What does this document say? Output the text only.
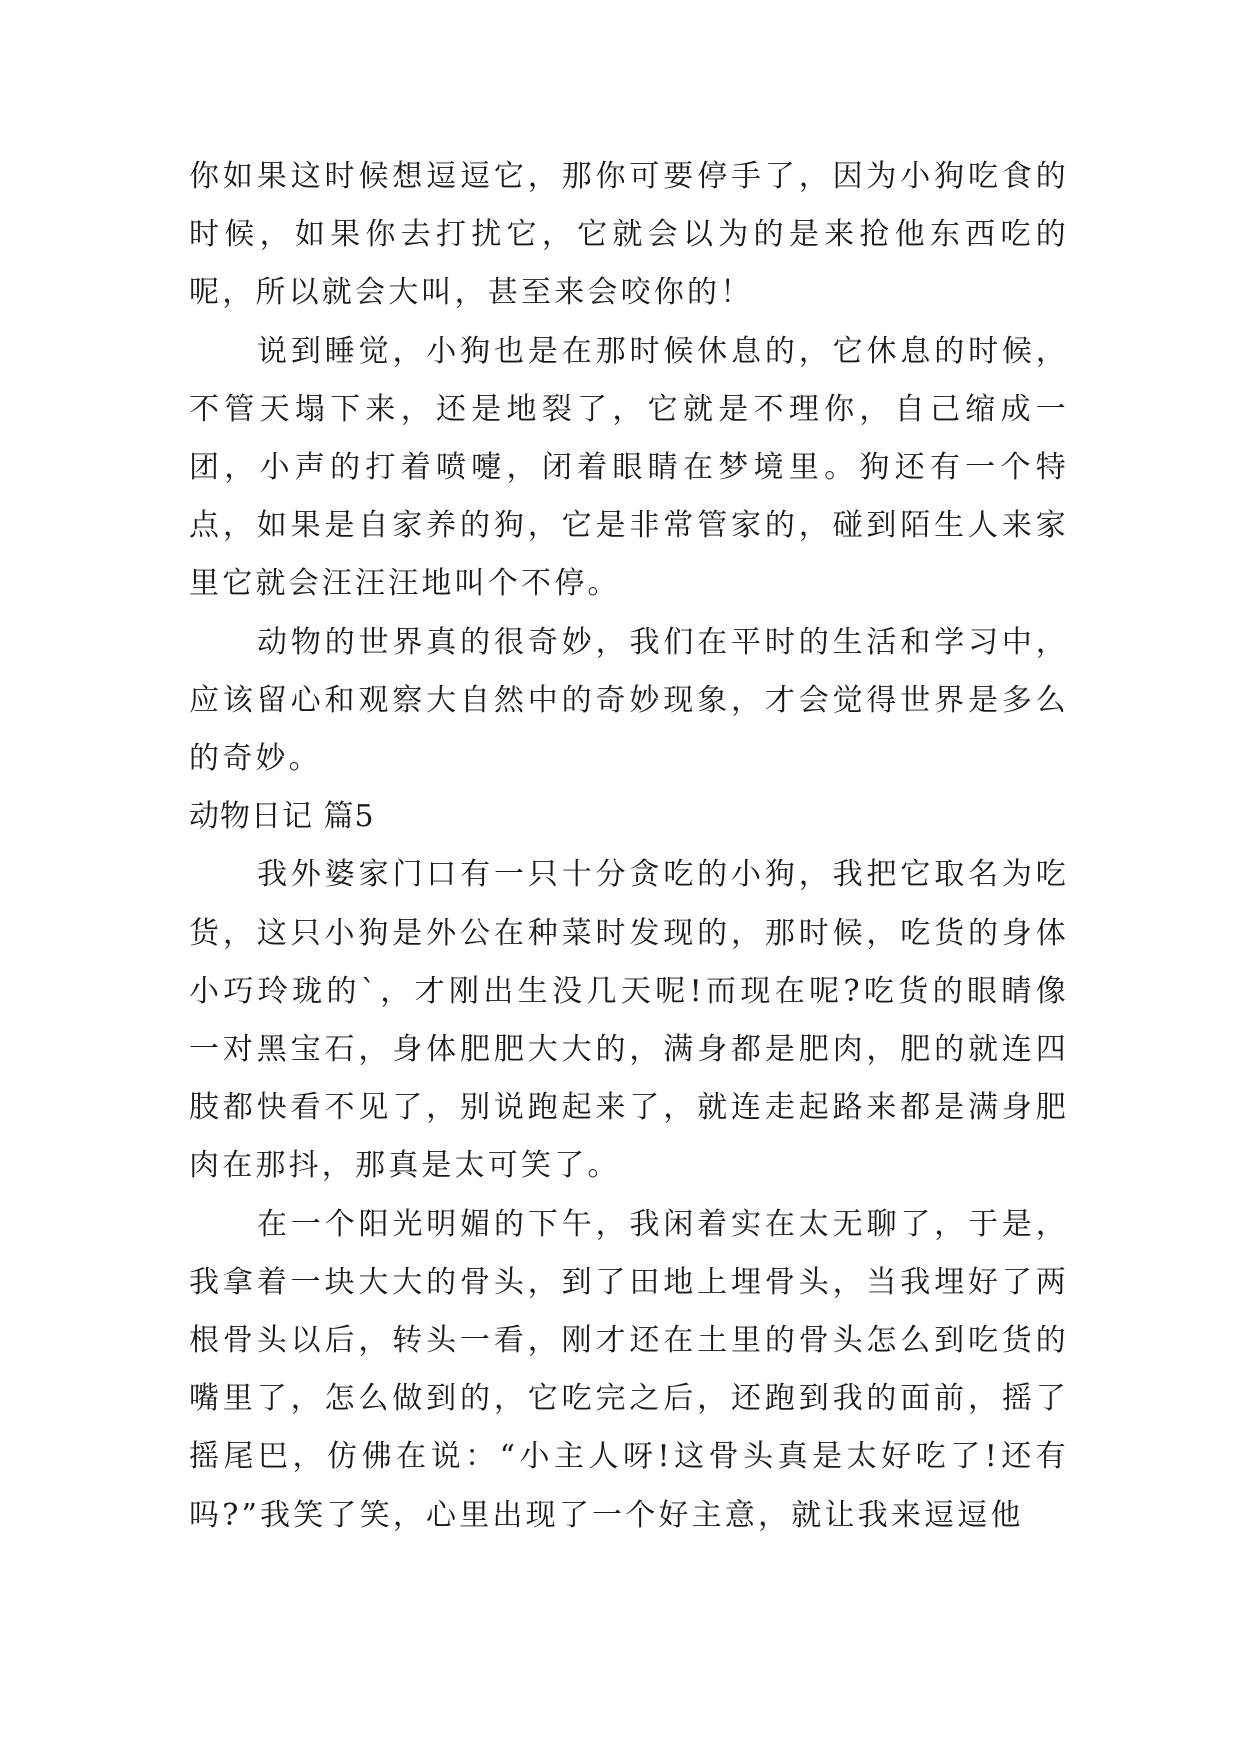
你如果这时候想逗逗它，那你可要停手了，因为小狗吃食的时候，如果你去打扰它，它就会以为的是来抢他东西吃的呢，所以就会大叫，甚至来会咬你的！

说到睡觉，小狗也是在那时候休息的，它休息的时候，不管天塌下来，还是地裂了，它就是不理你，自己缩成一团，小声的打着喷嚏，闭着眼睛在梦境里。狗还有一个特点，如果是自家养的狗，它是非常管家的，碰到陌生人来家里它就会汪汪汪地叫个不停。

动物的世界真的很奇妙，我们在平时的生活和学习中，应该留心和观察大自然中的奇妙现象，才会觉得世界是多么的奇妙。

动物日记 篇5

我外婆家门口有一只十分贪吃的小狗，我把它取名为吃货，这只小狗是外公在种菜时发现的，那时候，吃货的身体小巧玲珑的`，才刚出生没几天呢!而现在呢?吃货的眼睛像一对黑宝石，身体肥肥大大的，满身都是肥肉，肥的就连四肢都快看不见了，别说跑起来了，就连走起路来都是满身肥肉在那抖，那真是太可笑了。

在一个阳光明媚的下午，我闲着实在太无聊了，于是，我拿着一块大大的骨头，到了田地上埋骨头，当我埋好了两根骨头以后，转头一看，刚才还在土里的骨头怎么到吃货的嘴里了，怎么做到的，它吃完之后，还跑到我的面前，摇了摇尾巴，仿佛在说：“小主人呀!这骨头真是太好吃了!还有吗?”我笑了笑，心里出现了一个好主意，就让我来逗逗他
